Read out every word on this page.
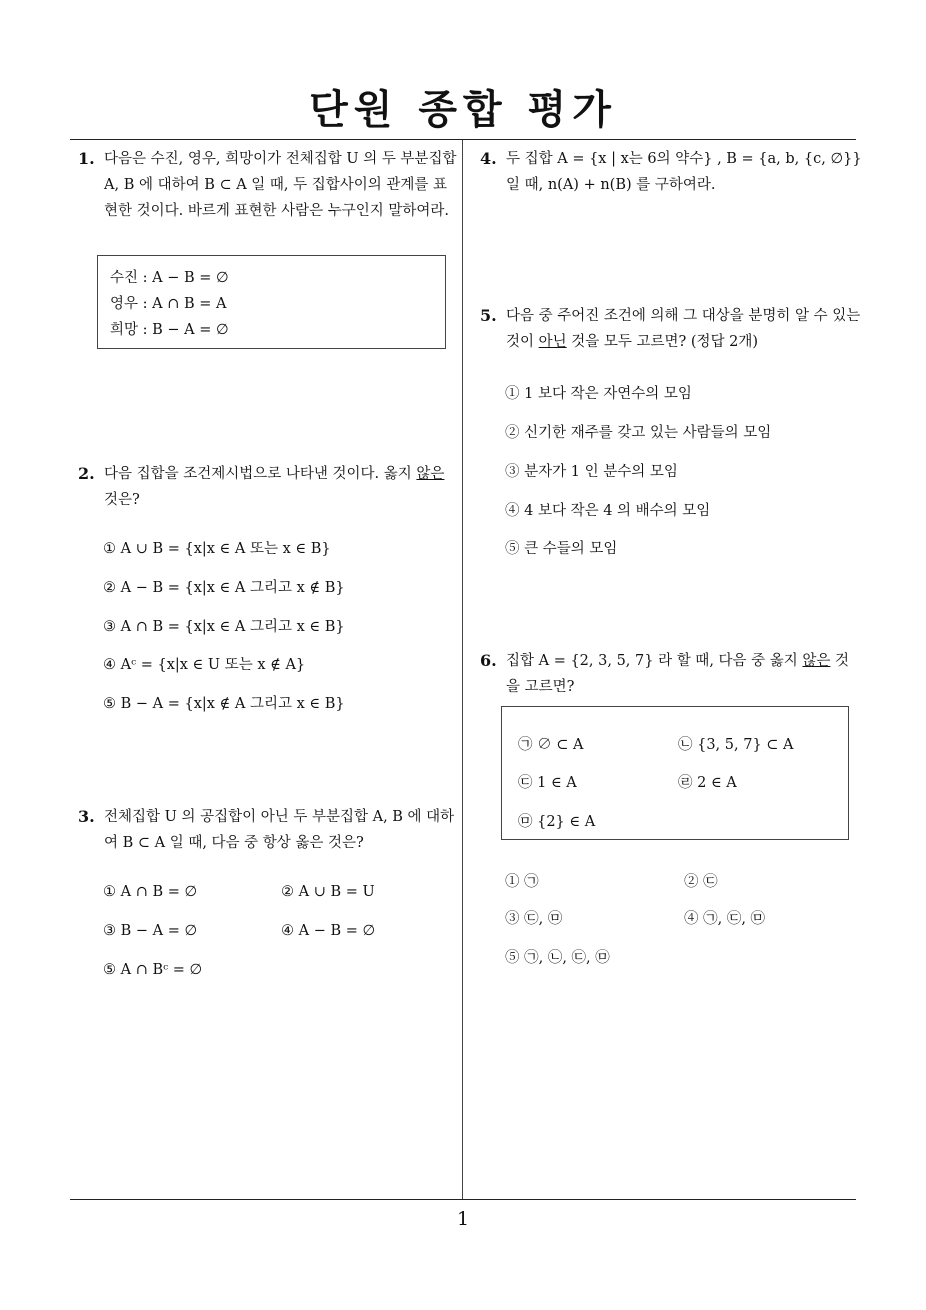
단원 종합 평가
1. 다음은 수진, 영우, 희망이가 전체집합 U 의 두 부분집합 A, B 에 대하여 B ⊂ A 일 때, 두 집합사이의 관계를 표현한 것이다. 바르게 표현한 사람은 누구인지 말하여라.
수진 : A − B = ∅
영우 : A ∩ B = A
희망 : B − A = ∅
2. 다음 집합을 조건제시법으로 나타낸 것이다. 옳지 않은 것은?
① A ∪ B = {x|x ∈ A 또는 x ∈ B}
② A − B = {x|x ∈ A 그리고 x ∉ B}
③ A ∩ B = {x|x ∈ A 그리고 x ∈ B}
④ Aᶜ = {x|x ∈ U 또는 x ∉ A}
⑤ B − A = {x|x ∉ A 그리고 x ∈ B}
3. 전체집합 U 의 공집합이 아닌 두 부분집합 A, B 에 대하여 B ⊂ A 일 때, 다음 중 항상 옳은 것은?
① A ∩ B = ∅	② A ∪ B = U
③ B − A = ∅	④ A − B = ∅
⑤ A ∩ Bᶜ = ∅
4. 두 집합 A = {x | x는 6의 약수} , B = {a, b, {c, ∅}} 일 때, n(A) + n(B) 를 구하여라.
5. 다음 중 주어진 조건에 의해 그 대상을 분명히 알 수 있는 것이 아닌 것을 모두 고르면? (정답 2개)
① 1 보다 작은 자연수의 모임
② 신기한 재주를 갖고 있는 사람들의 모임
③ 분자가 1 인 분수의 모임
④ 4 보다 작은 4 의 배수의 모임
⑤ 큰 수들의 모임
6. 집합 A = {2, 3, 5, 7} 라 할 때, 다음 중 옳지 않은 것을 고르면?
㉠ ∅ ⊂ A	㉡ {3, 5, 7} ⊂ A
㉢ 1 ∈ A	㉣ 2 ∈ A
㉤ {2} ∈ A
① ㉠	② ㉢
③ ㉢, ㉤	④ ㉠, ㉢, ㉤
⑤ ㉠, ㉡, ㉢, ㉤
1
